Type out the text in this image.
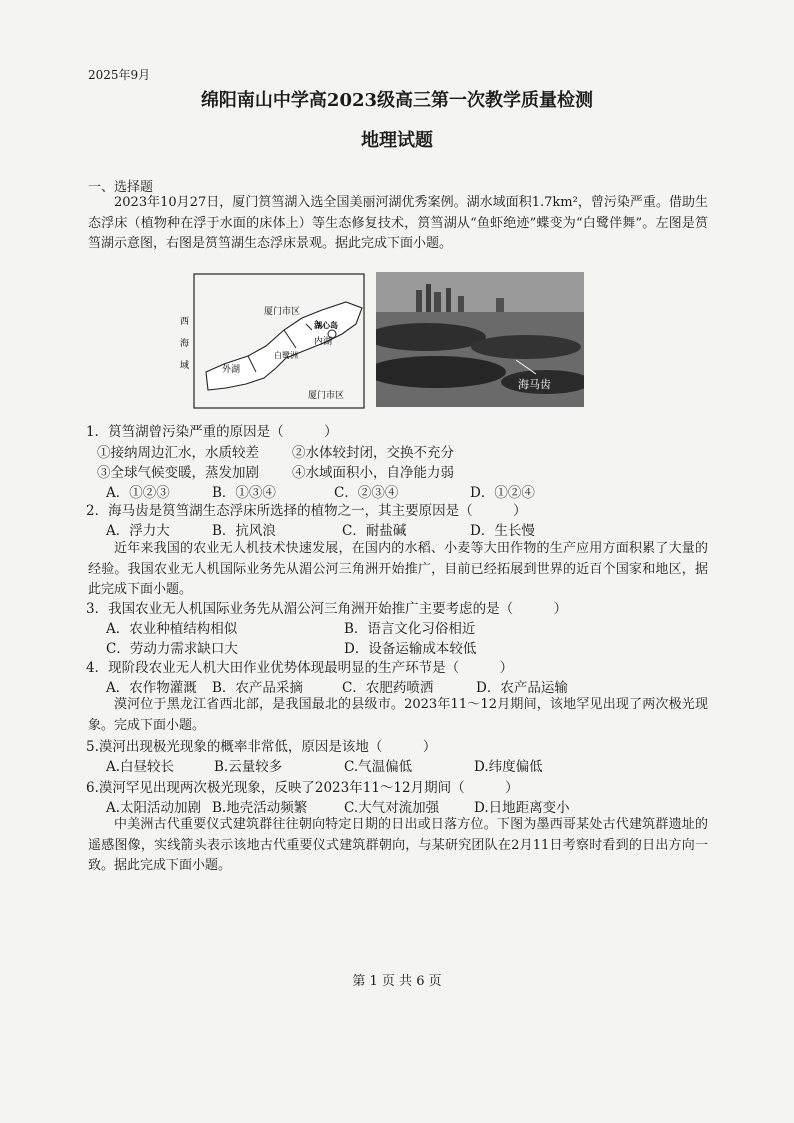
2025年9月
绵阳南山中学高2023级高三第一次教学质量检测
地理试题
一、选择题
2023年10月27日，厦门筼筜湖入选全国美丽河湖优秀案例。湖水域面积1.7km²，曾污染严重。借助生态浮床（植物种在浮于水面的床体上）等生态修复技术，筼筜湖从“鱼虾绝迹”蝶变为“白鹭伴舞”。左图是筼筜湖示意图，右图是筼筜湖生态浮床景观。据此完成下面小题。
厦门市区
厦门市区
西
海
域	外湖
内湖
白鹭洲
湖心岛
海马齿
1．筼筜湖曾污染严重的原因是（　　　）
①接纳周边汇水，水质较差 ②水体较封闭，交换不充分
③全球气候变暖，蒸发加剧 ④水域面积小，自净能力弱
A．①②③	B．①③④	C．②③④	D．①②④
2．海马齿是筼筜湖生态浮床所选择的植物之一，其主要原因是（　　　）
A．浮力大	B．抗风浪	C．耐盐碱	D．生长慢
近年来我国的农业无人机技术快速发展，在国内的水稻、小麦等大田作物的生产应用方面积累了大量的经验。我国农业无人机国际业务先从湄公河三角洲开始推广，目前已经拓展到世界的近百个国家和地区，据此完成下面小题。
3．我国农业无人机国际业务先从湄公河三角洲开始推广主要考虑的是（　　　）
A．农业种植结构相似	B．语言文化习俗相近
C．劳动力需求缺口大	D．设备运输成本较低
4．现阶段农业无人机大田作业优势体现最明显的生产环节是（　　　）
A．农作物灌溉 B．农产品采摘	C．农肥药喷洒	D．农产品运输
漠河位于黑龙江省西北部，是我国最北的县级市。2023年11～12月期间，该地罕见出现了两次极光现象。完成下面小题。
5.漠河出现极光现象的概率非常低，原因是该地（　　　）
A.白昼较长	B.云量较多	C.气温偏低	D.纬度偏低
6.漠河罕见出现两次极光现象，反映了2023年11～12月期间（　　　）
A.太阳活动加剧 B.地壳活动频繁	C.大气对流加强	D.日地距离变小
中美洲古代重要仪式建筑群往往朝向特定日期的日出或日落方位。下图为墨西哥某处古代建筑群遗址的遥感图像，实线箭头表示该地古代重要仪式建筑群朝向，与某研究团队在2月11日考察时看到的日出方向一致。据此完成下面小题。
第 1 页 共 6 页
